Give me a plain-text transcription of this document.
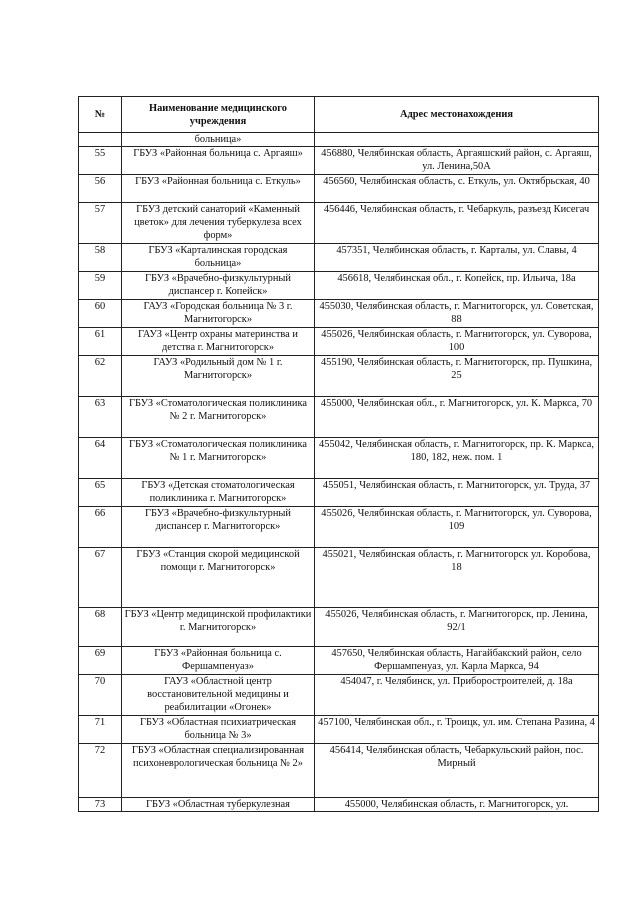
№	Наименование медицинского учреждения	Адрес местонахождения
	больница»	
55	ГБУЗ «Районная больница с. Аргаяш»	456880, Челябинская область, Аргаяшский район, с. Аргаяш, ул. Ленина,50А
56	ГБУЗ «Районная больница с. Еткуль»	456560, Челябинская область, с. Еткуль, ул. Октябрьская, 40
57	ГБУЗ детский санаторий «Каменный цветок» для лечения туберкулеза всех форм»	456446, Челябинская область, г. Чебаркуль, разъезд Кисегач
58	ГБУЗ «Карталинская городская больница»	457351, Челябинская область, г. Карталы, ул. Славы, 4
59	ГБУЗ «Врачебно-физкультурный диспансер г. Копейск»	456618, Челябинская обл., г. Копейск, пр. Ильича, 18а
60	ГАУЗ «Городская больница № 3 г. Магнитогорск»	455030, Челябинская область, г. Магнитогорск, ул. Советская, 88
61	ГАУЗ «Центр охраны материнства и детства г. Магнитогорск»	455026, Челябинская область, г. Магнитогорск, ул. Суворова, 100
62	ГАУЗ «Родильный дом № 1 г. Магнитогорск»	455190, Челябинская область, г. Магнитогорск, пр. Пушкина, 25
63	ГБУЗ «Стоматологическая поликлиника № 2 г. Магнитогорск»	455000, Челябинская обл., г. Магнитогорск, ул. К. Маркса, 70
64	ГБУЗ «Стоматологическая поликлиника № 1 г. Магнитогорск»	455042, Челябинская область, г. Магнитогорск, пр. К. Маркса, 180, 182, неж. пом. 1
65	ГБУЗ «Детская стоматологическая поликлиника г. Магнитогорск»	455051, Челябинская область, г. Магнитогорск, ул. Труда, 37
66	ГБУЗ «Врачебно-физкультурный диспансер г. Магнитогорск»	455026, Челябинская область, г. Магнитогорск, ул. Суворова, 109
67	ГБУЗ «Станция скорой медицинской помощи г. Магнитогорск»	455021, Челябинская область, г. Магнитогорск ул. Коробова, 18
68	ГБУЗ «Центр медицинской профилактики г. Магнитогорск»	455026, Челябинская область, г. Магнитогорск, пр. Ленина, 92/1
69	ГБУЗ «Районная больница с. Фершампенуаз»	457650, Челябинская область, Нагайбакский район, село Фершампенуаз, ул. Карла Маркса, 94
70	ГАУЗ «Областной центр восстановительной медицины и реабилитации «Огонек»	454047, г. Челябинск, ул. Приборостроителей, д. 18а
71	ГБУЗ «Областная психиатрическая больница № 3»	457100, Челябинская обл., г. Троицк, ул. им. Степана Разина, 4
72	ГБУЗ «Областная специализированная психоневрологическая больница № 2»	456414, Челябинская область, Чебаркульский район, пос. Мирный
73	ГБУЗ «Областная туберкулезная	455000, Челябинская область, г. Магнитогорск, ул.
